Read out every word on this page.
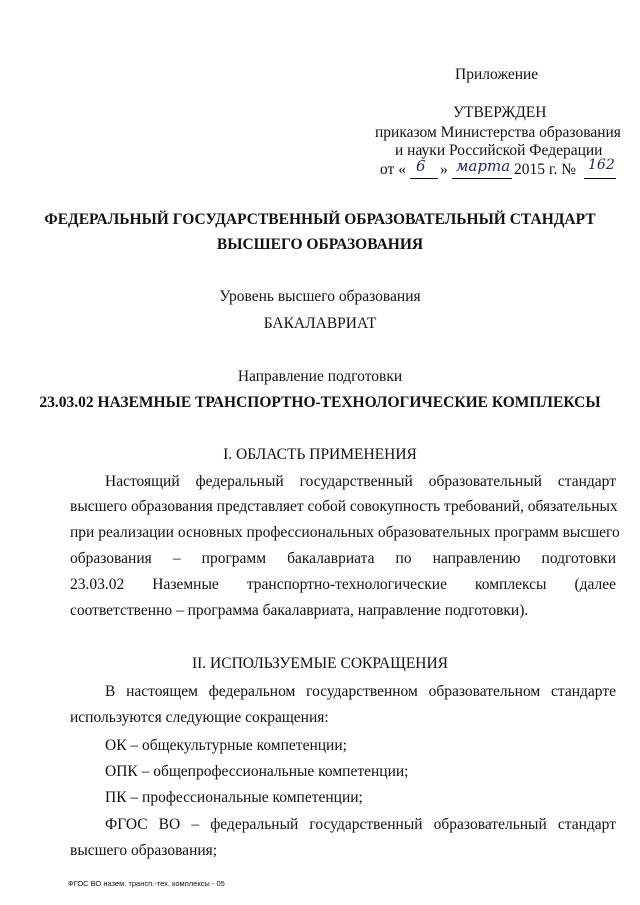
Приложение
УТВЕРЖДЕН
приказом Министерства образования
и науки Российской Федерации
от « 6 » марта 2015 г. № 162
ФЕДЕРАЛЬНЫЙ ГОСУДАРСТВЕННЫЙ ОБРАЗОВАТЕЛЬНЫЙ СТАНДАРТ
ВЫСШЕГО ОБРАЗОВАНИЯ
Уровень высшего образования
БАКАЛАВРИАТ
Направление подготовки
23.03.02 НАЗЕМНЫЕ ТРАНСПОРТНО-ТЕХНОЛОГИЧЕСКИЕ КОМПЛЕКСЫ
I. ОБЛАСТЬ ПРИМЕНЕНИЯ
Настоящий федеральный государственный образовательный стандарт
высшего образования представляет собой совокупность требований, обязательных
при реализации основных профессиональных образовательных программ высшего
образования – программ бакалавриата по направлению подготовки
23.03.02 Наземные транспортно-технологические комплексы (далее
соответственно – программа бакалавриата, направление подготовки).
II. ИСПОЛЬЗУЕМЫЕ СОКРАЩЕНИЯ
В настоящем федеральном государственном образовательном стандарте
используются следующие сокращения:
ОК – общекультурные компетенции;
ОПК – общепрофессиональные компетенции;
ПК – профессиональные компетенции;
ФГОС ВО – федеральный государственный образовательный стандарт
высшего образования;
ФГОС ВО назем. трансп.-тех. комплексы - 05
